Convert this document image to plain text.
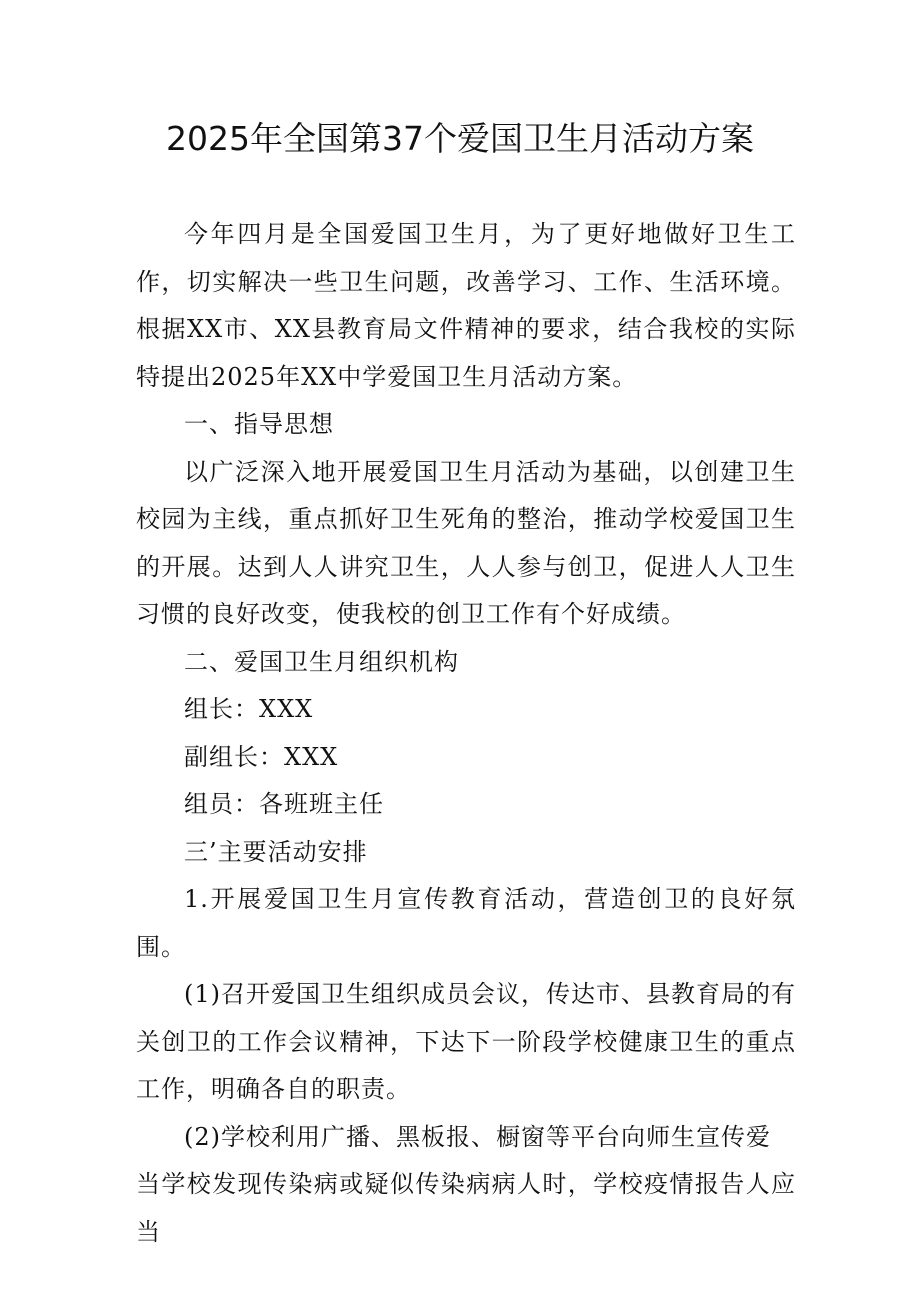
2025年全国第37个爱国卫生月活动方案

今年四月是全国爱国卫生月，为了更好地做好卫生工作，切实解决一些卫生问题，改善学习、工作、生活环境。根据XX市、XX县教育局文件精神的要求，结合我校的实际特提出2025年XX中学爱国卫生月活动方案。

一、指导思想

以广泛深入地开展爱国卫生月活动为基础，以创建卫生校园为主线，重点抓好卫生死角的整治，推动学校爱国卫生的开展。达到人人讲究卫生，人人参与创卫，促进人人卫生习惯的良好改变，使我校的创卫工作有个好成绩。

二、爱国卫生月组织机构

组长：XXX

副组长：XXX

组员：各班班主任

三’主要活动安排

1.开展爱国卫生月宣传教育活动，营造创卫的良好氛围。

(1)召开爱国卫生组织成员会议，传达市、县教育局的有关创卫的工作会议精神，下达下一阶段学校健康卫生的重点工作，明确各自的职责。

(2)学校利用广播、黑板报、橱窗等平台向师生宣传爱

当学校发现传染病或疑似传染病病人时，学校疫情报告人应当
